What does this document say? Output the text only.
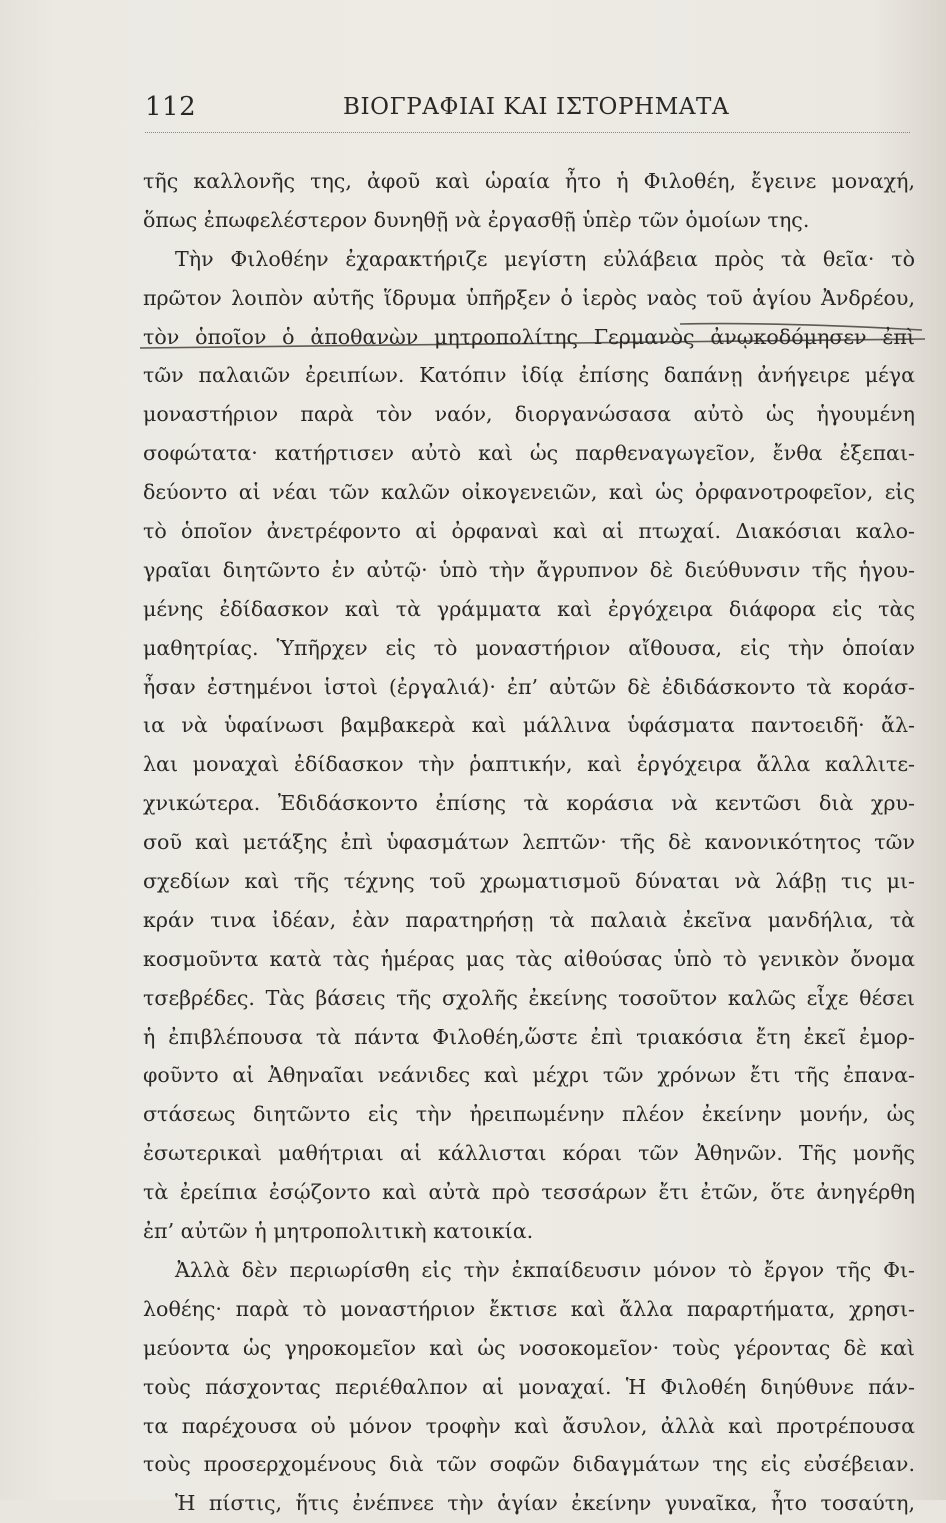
112	ΒΙΟΓΡΑΦΙΑΙ ΚΑΙ ΙΣΤΟΡΗΜΑΤΑ
τῆς καλλονῆς της, ἀφοῦ καὶ ὡραία ἦτο ἡ Φιλοθέη, ἔγεινε μοναχή,
ὅπως ἐπωφελέστερον δυνηθῇ νὰ ἐργασθῇ ὑπὲρ τῶν ὁμοίων της.
Τὴν Φιλοθέην ἐχαρακτήριζε μεγίστη εὐλάβεια πρὸς τὰ θεῖα· τὸ
πρῶτον λοιπὸν αὐτῆς ἵδρυμα ὑπῆρξεν ὁ ἱερὸς ναὸς τοῦ ἁγίου Ἀνδρέου,
τὸν ὁποῖον ὁ ἀποθανὼν μητροπολίτης Γερμανὸς ἀνῳκοδόμησεν ἐπὶ
τῶν παλαιῶν ἐρειπίων. Κατόπιν ἰδίᾳ ἐπίσης δαπάνῃ ἀνήγειρε μέγα
μοναστήριον παρὰ τὸν ναόν, διοργανώσασα αὐτὸ ὡς ἡγουμένη
σοφώτατα· κατήρτισεν αὐτὸ καὶ ὡς παρθεναγωγεῖον, ἔνθα ἐξεπαι-
δεύοντο αἱ νέαι τῶν καλῶν οἰκογενειῶν, καὶ ὡς ὀρφανοτροφεῖον, εἰς
τὸ ὁποῖον ἀνετρέφοντο αἱ ὀρφαναὶ καὶ αἱ πτωχαί. Διακόσιαι καλο-
γραῖαι διητῶντο ἐν αὐτῷ· ὑπὸ τὴν ἄγρυπνον δὲ διεύθυνσιν τῆς ἡγου-
μένης ἐδίδασκον καὶ τὰ γράμματα καὶ ἐργόχειρα διάφορα εἰς τὰς
μαθητρίας. Ὑπῆρχεν εἰς τὸ μοναστήριον αἴθουσα, εἰς τὴν ὁποίαν
ἦσαν ἐστημένοι ἱστοὶ (ἐργαλιά)· ἐπ’ αὐτῶν δὲ ἐδιδάσκοντο τὰ κοράσ-
ια νὰ ὑφαίνωσι βαμβακερὰ καὶ μάλλινα ὑφάσματα παντοειδῆ· ἄλ-
λαι μοναχαὶ ἐδίδασκον τὴν ῥαπτικήν, καὶ ἐργόχειρα ἄλλα καλλιτε-
χνικώτερα. Ἐδιδάσκοντο ἐπίσης τὰ κοράσια νὰ κεντῶσι διὰ χρυ-
σοῦ καὶ μετάξης ἐπὶ ὑφασμάτων λεπτῶν· τῆς δὲ κανονικότητος τῶν
σχεδίων καὶ τῆς τέχνης τοῦ χρωματισμοῦ δύναται νὰ λάβῃ τις μι-
κράν τινα ἰδέαν, ἐὰν παρατηρήσῃ τὰ παλαιὰ ἐκεῖνα μανδήλια, τὰ
κοσμοῦντα κατὰ τὰς ἡμέρας μας τὰς αἰθούσας ὑπὸ τὸ γενικὸν ὄνομα
τσεβρέδες. Τὰς βάσεις τῆς σχολῆς ἐκείνης τοσοῦτον καλῶς εἶχε θέσει
ἡ ἐπιβλέπουσα τὰ πάντα Φιλοθέη,ὥστε ἐπὶ τριακόσια ἔτη ἐκεῖ ἐμορ-
φοῦντο αἱ Ἀθηναῖαι νεάνιδες καὶ μέχρι τῶν χρόνων ἔτι τῆς ἐπανα-
στάσεως διητῶντο εἰς τὴν ἠρειπωμένην πλέον ἐκείνην μονήν, ὡς
ἐσωτερικαὶ μαθήτριαι αἱ κάλλισται κόραι τῶν Ἀθηνῶν. Τῆς μονῆς
τὰ ἐρείπια ἐσῴζοντο καὶ αὐτὰ πρὸ τεσσάρων ἔτι ἐτῶν, ὅτε ἀνηγέρθη
ἐπ’ αὐτῶν ἡ μητροπολιτικὴ κατοικία.
Ἀλλὰ δὲν περιωρίσθη εἰς τὴν ἐκπαίδευσιν μόνον τὸ ἔργον τῆς Φι-
λοθέης· παρὰ τὸ μοναστήριον ἔκτισε καὶ ἄλλα παραρτήματα, χρησι-
μεύοντα ὡς γηροκομεῖον καὶ ὡς νοσοκομεῖον· τοὺς γέροντας δὲ καὶ
τοὺς πάσχοντας περιέθαλπον αἱ μοναχαί. Ἡ Φιλοθέη διηύθυνε πάν-
τα παρέχουσα οὐ μόνον τροφὴν καὶ ἄσυλον, ἀλλὰ καὶ προτρέπουσα
τοὺς προσερχομένους διὰ τῶν σοφῶν διδαγμάτων της εἰς εὐσέβειαν.
Ἡ πίστις, ἥτις ἐνέπνεε τὴν ἁγίαν ἐκείνην γυναῖκα, ἦτο τοσαύτη,
